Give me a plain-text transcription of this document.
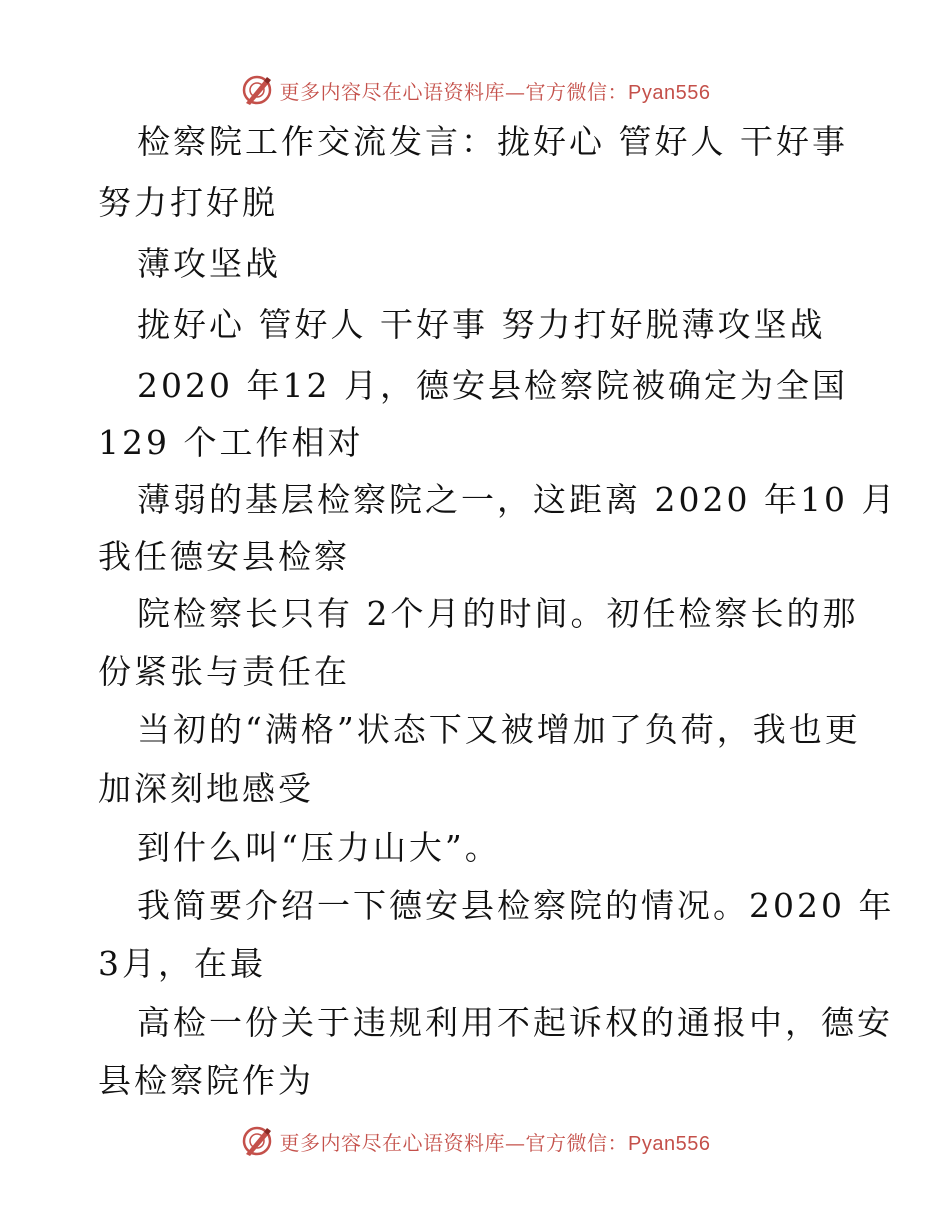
更多内容尽在心语资料库—官方微信：Pyan556
检察院工作交流发言：拢好心 管好人 干好事
努力打好脱
薄攻坚战
拢好心 管好人 干好事 努力打好脱薄攻坚战
2020 年12 月，德安县检察院被确定为全国
129 个工作相对
薄弱的基层检察院之一，这距离 2020 年10 月
我任德安县检察
院检察长只有 2个月的时间。初任检察长的那
份紧张与责任在
当初的“满格”状态下又被增加了负荷，我也更
加深刻地感受
到什么叫“压力山大”。
我简要介绍一下德安县检察院的情况。2020 年
3月，在最
高检一份关于违规利用不起诉权的通报中，德安
县检察院作为
更多内容尽在心语资料库—官方微信：Pyan556
